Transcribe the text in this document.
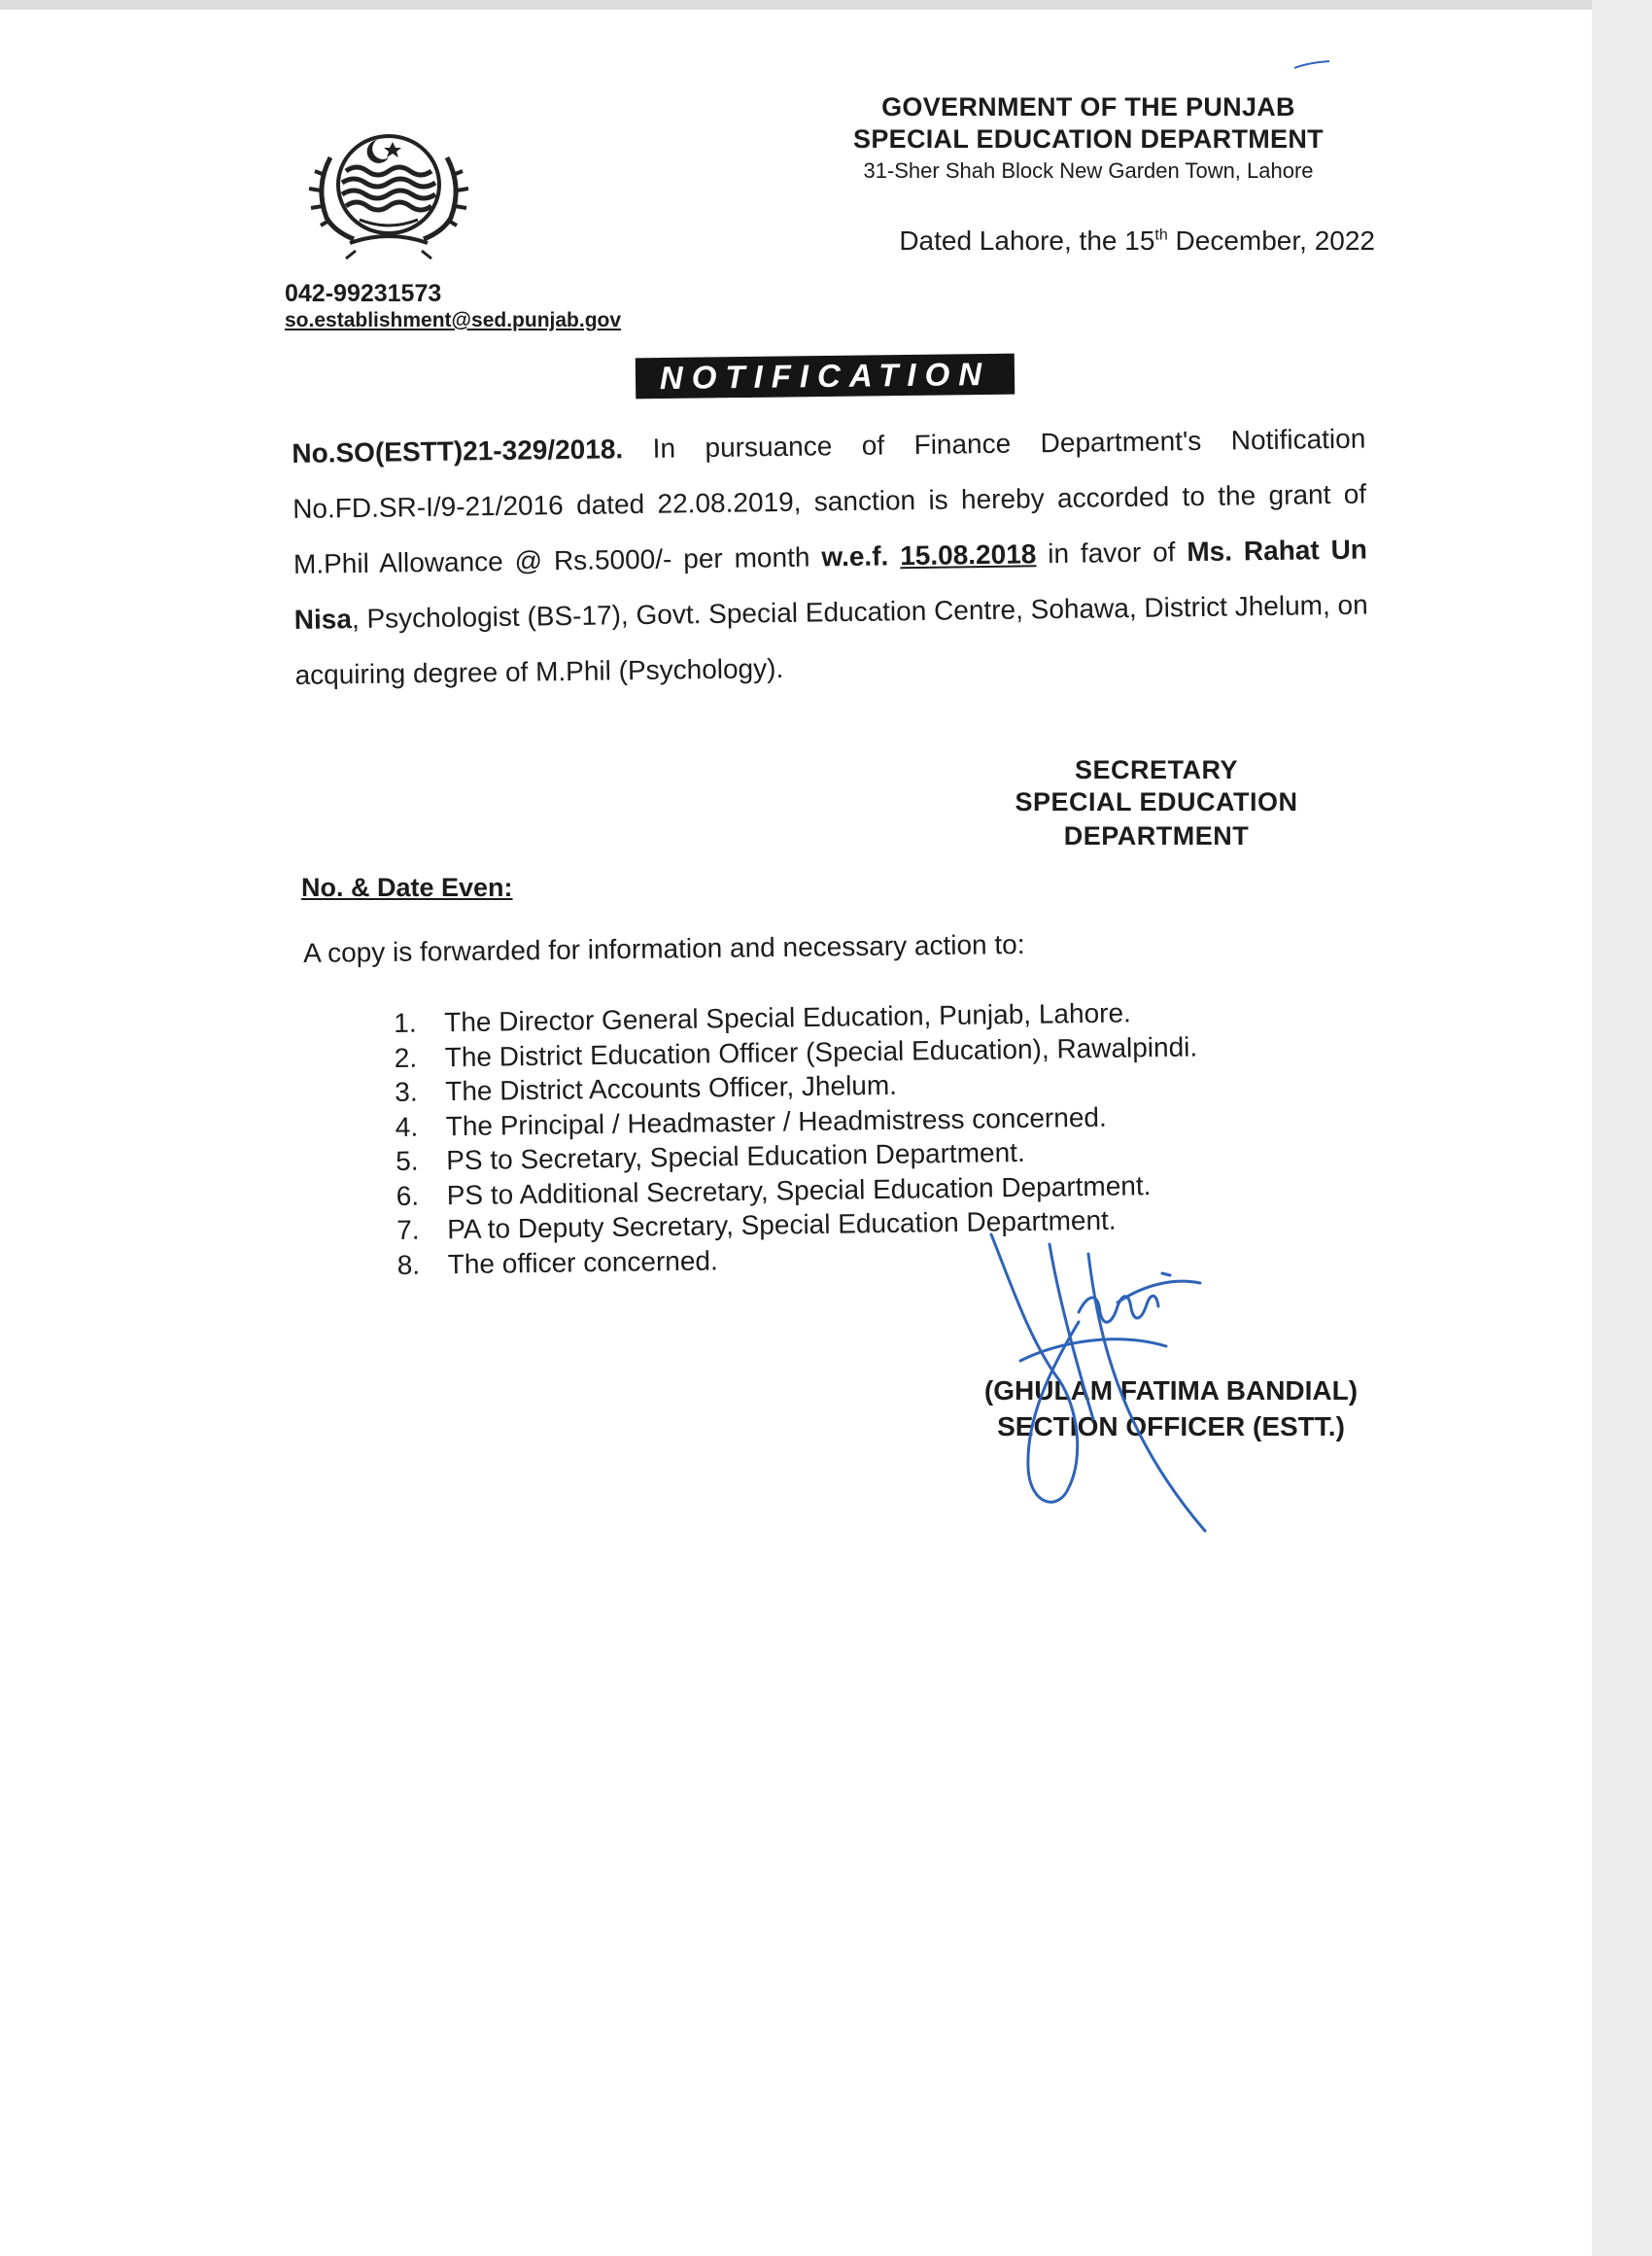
GOVERNMENT OF THE PUNJAB
SPECIAL EDUCATION DEPARTMENT
31-Sher Shah Block New Garden Town, Lahore
Dated Lahore, the 15th December, 2022
042-99231573
so.establishment@sed.punjab.gov
NOTIFICATION
No.SO(ESTT)21-329/2018. In pursuance of Finance Department's Notification No.FD.SR-I/9-21/2016 dated 22.08.2019, sanction is hereby accorded to the grant of M.Phil Allowance @ Rs.5000/- per month w.e.f. 15.08.2018 in favor of Ms. Rahat Un Nisa, Psychologist (BS-17), Govt. Special Education Centre, Sohawa, District Jhelum, on acquiring degree of M.Phil (Psychology).
SECRETARY
SPECIAL EDUCATION
DEPARTMENT
No. & Date Even:
A copy is forwarded for information and necessary action to:
1. The Director General Special Education, Punjab, Lahore.
2. The District Education Officer (Special Education), Rawalpindi.
3. The District Accounts Officer, Jhelum.
4. The Principal / Headmaster / Headmistress concerned.
5. PS to Secretary, Special Education Department.
6. PS to Additional Secretary, Special Education Department.
7. PA to Deputy Secretary, Special Education Department.
8. The officer concerned.
(GHULAM FATIMA BANDIAL)
SECTION OFFICER (ESTT.)
